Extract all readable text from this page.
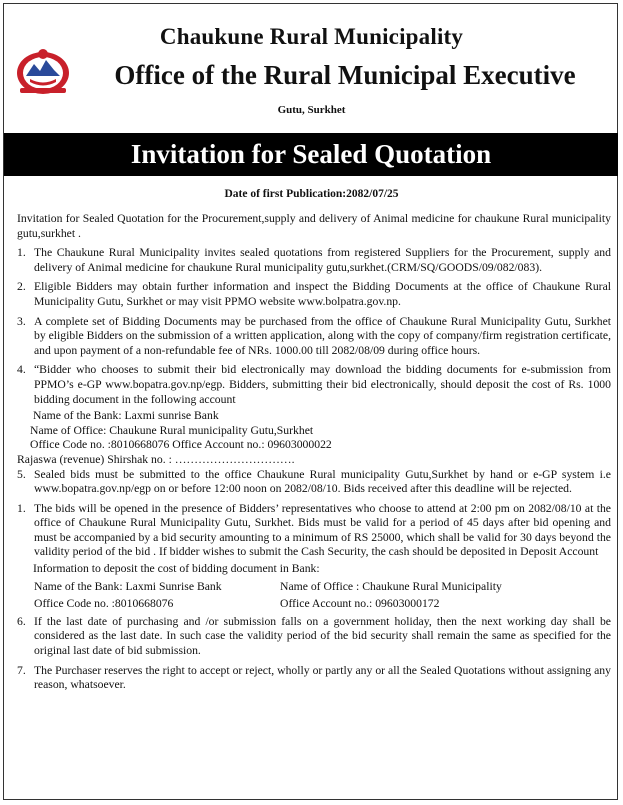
Chaukune Rural Municipality
Office of the Rural Municipal Executive
Gutu, Surkhet
Invitation for Sealed Quotation
Date of first Publication:2082/07/25

Invitation for Sealed Quotation for the Procurement,supply and delivery of Animal medicine for chaukune Rural municipality gutu,surkhet .

1. The Chaukune Rural Municipality invites sealed quotations from registered Suppliers for the Procurement, supply and delivery of Animal medicine for chaukune Rural municipality gutu,surkhet.(CRM/SQ/GOODS/09/082/083).

2. Eligible Bidders may obtain further information and inspect the Bidding Documents at the office of Chaukune Rural Municipality Gutu, Surkhet or may visit PPMO website www.bolpatra.gov.np.

3. A complete set of Bidding Documents may be purchased from the office of Chaukune Rural Municipality Gutu, Surkhet by eligible Bidders on the submission of a written application, along with the copy of company/firm registration certificate, and upon payment of a non-refundable fee of NRs. 1000.00 till 2082/08/09 during office hours.

4. “Bidder who chooses to submit their bid electronically may download the bidding documents for e-submission from PPMO’s e-GP www.bopatra.gov.np/egp. Bidders, submitting their bid electronically, should deposit the cost of Rs. 1000 bidding document in the following account

Name of the Bank: Laxmi sunrise Bank

Name of Office: Chaukune Rural municipality Gutu,Surkhet

Office Code no. :8010668076 Office Account no.: 09603000022

Rajaswa (revenue) Shirshak no. : ………………………….

5. Sealed bids must be submitted to the office Chaukune Rural municipality Gutu,Surkhet by hand or e-GP system i.e www.bopatra.gov.np/egp on or before 12:00 noon on 2082/08/10. Bids received after this deadline will be rejected.

1. The bids will be opened in the presence of Bidders’ representatives who choose to attend at 2:00 pm on 2082/08/10 at the office of Chaukune Rural Municipality Gutu, Surkhet. Bids must be valid for a period of 45 days after bid opening and must be accompanied by a bid security amounting to a minimum of RS 25000, which shall be valid for 30 days beyond the validity period of the bid . If bidder wishes to submit the Cash Security, the cash should be deposited in Deposit Account

Information to deposit the cost of bidding document in Bank:

Name of the Bank: Laxmi Sunrise Bank	Name of Office : Chaukune Rural Municipality
Office Code no. :8010668076	Office Account no.: 09603000172
6. If the last date of purchasing and /or submission falls on a government holiday, then the next working day shall be considered as the last date. In such case the validity period of the bid security shall remain the same as specified for the original last date of bid submission.

7. The Purchaser reserves the right to accept or reject, wholly or partly any or all the Sealed Quotations without assigning any reason, whatsoever.
